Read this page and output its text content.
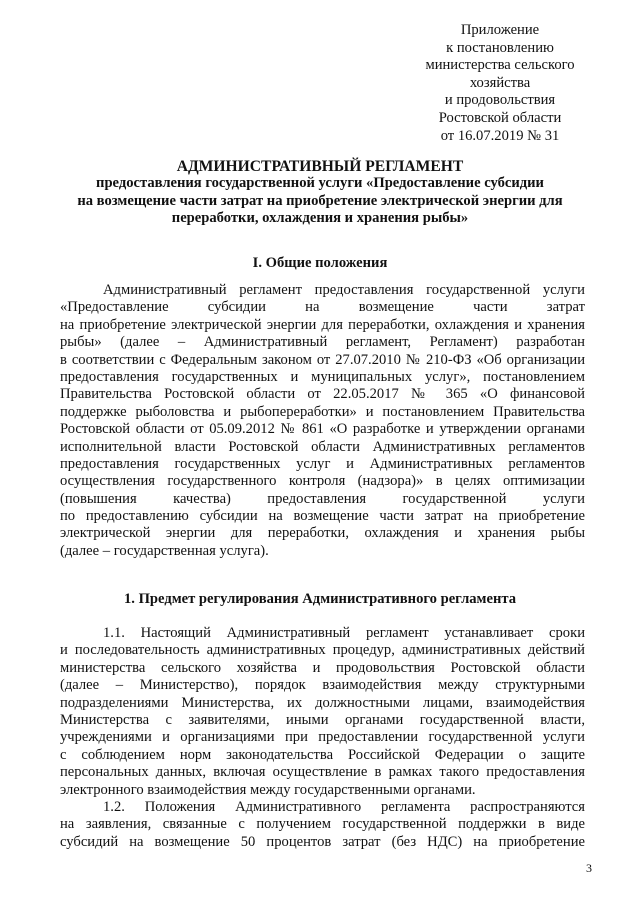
Приложение
к постановлению
министерства сельского
хозяйства
и продовольствия
Ростовской области
от 16.07.2019 № 31
АДМИНИСТРАТИВНЫЙ РЕГЛАМЕНТ
предоставления государственной услуги «Предоставление субсидии
на возмещение части затрат на приобретение электрической энергии для
переработки, охлаждения и хранения рыбы»
I. Общие положения
Административный регламент предоставления государственной услуги
«Предоставление субсидии на возмещение части затрат
на приобретение электрической энергии для переработки, охлаждения и хранения
рыбы» (далее – Административный регламент, Регламент) разработан
в соответствии с Федеральным законом от 27.07.2010 № 210-ФЗ «Об организации
предоставления государственных и муниципальных услуг», постановлением
Правительства Ростовской области от 22.05.2017 № 365 «О финансовой
поддержке рыболовства и рыбопереработки» и постановлением Правительства
Ростовской области от 05.09.2012 № 861 «О разработке и утверждении органами
исполнительной власти Ростовской области Административных регламентов
предоставления государственных услуг и Административных регламентов
осуществления государственного контроля (надзора)» в целях оптимизации
(повышения качества) предоставления государственной услуги
по предоставлению субсидии на возмещение части затрат на приобретение
электрической энергии для переработки, охлаждения и хранения рыбы
(далее – государственная услуга).
1. Предмет регулирования Административного регламента
1.1. Настоящий Административный регламент устанавливает сроки
и последовательность административных процедур, административных действий
министерства сельского хозяйства и продовольствия Ростовской области
(далее – Министерство), порядок взаимодействия между структурными
подразделениями Министерства, их должностными лицами, взаимодействия
Министерства с заявителями, иными органами государственной власти,
учреждениями и организациями при предоставлении государственной услуги
с соблюдением норм законодательства Российской Федерации о защите
персональных данных, включая осуществление в рамках такого предоставления
электронного взаимодействия между государственными органами.
1.2. Положения Административного регламента распространяются
на заявления, связанные с получением государственной поддержки в виде
субсидий на возмещение 50 процентов затрат (без НДС) на приобретение
3
